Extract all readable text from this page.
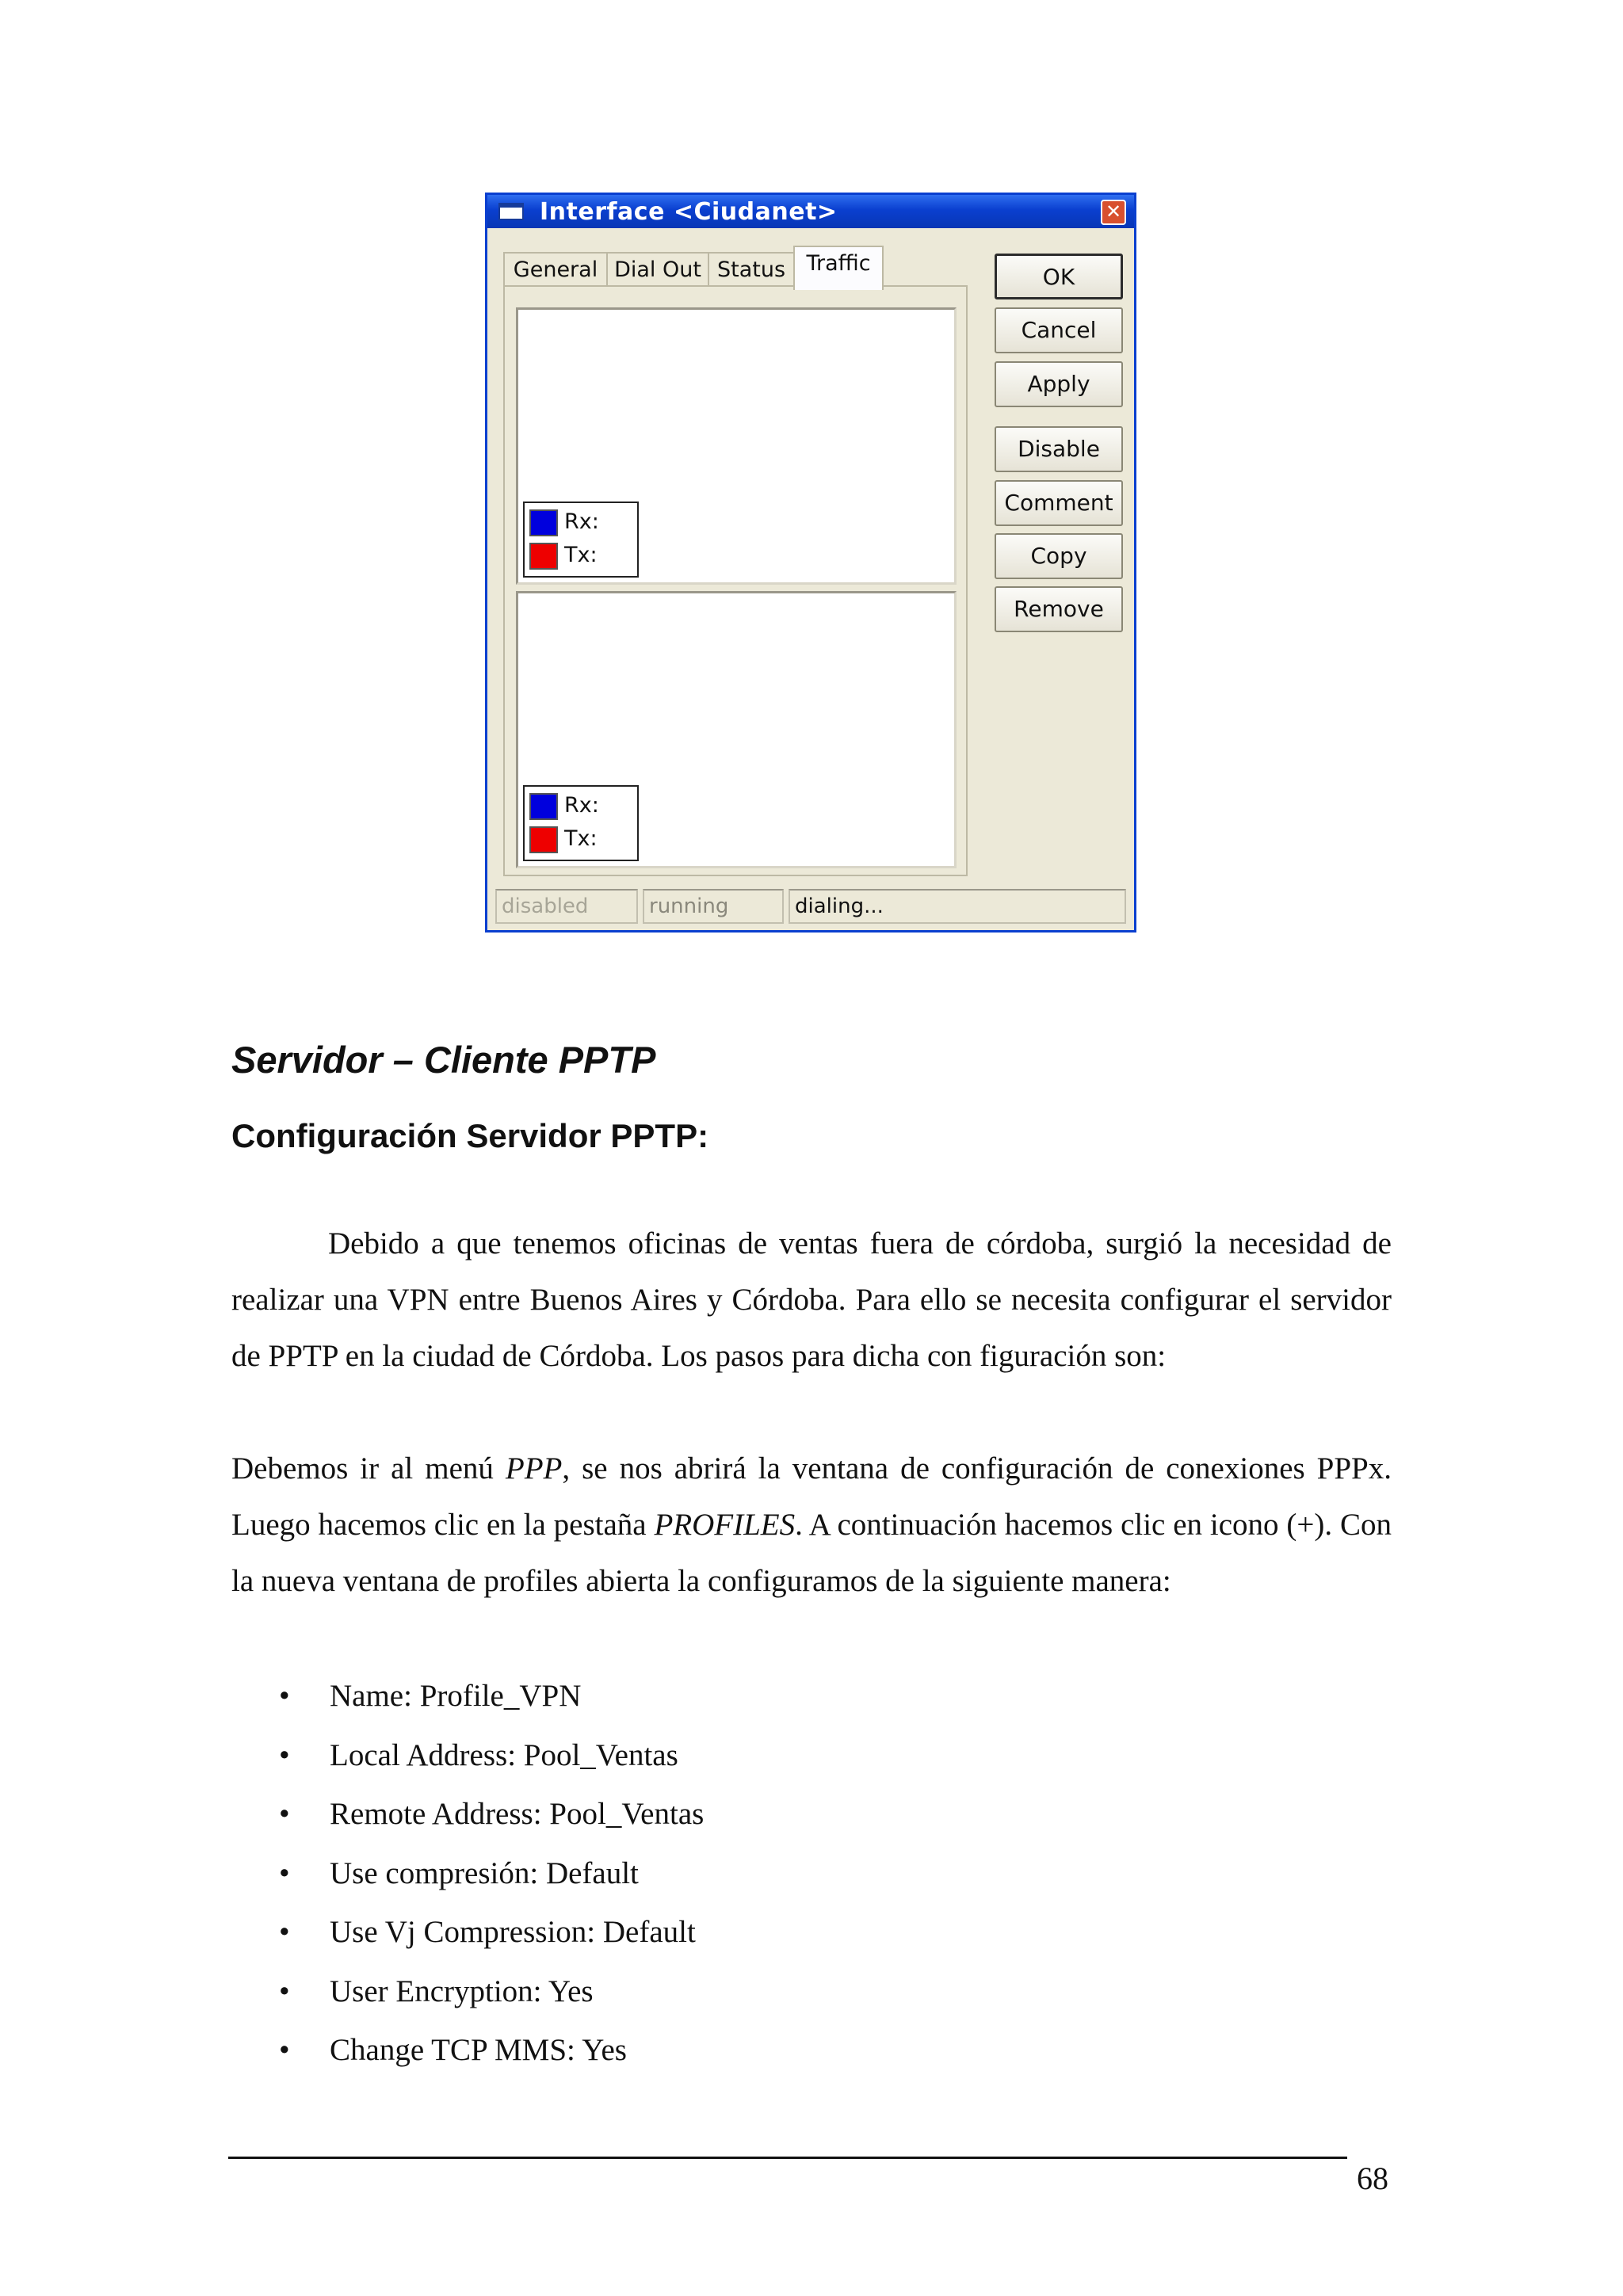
Interface <Ciudanet>	✕
General Dial Out Status Traffic
Rx:
Tx:
Rx:
Tx:
OK
Cancel
Apply
Disable
Comment
Copy
Remove
disabled	running	dialing...
Servidor – Cliente PPTP
Configuración Servidor PPTP:

Debido a que tenemos oficinas de ventas fuera de córdoba, surgió la necesidad de realizar una VPN entre Buenos Aires y Córdoba. Para ello se necesita configurar el servidor de PPTP en la ciudad de Córdoba. Los pasos para dicha con figuración son:

Debemos ir al menú PPP, se nos abrirá la ventana de configuración de conexiones PPPx. Luego hacemos clic en la pestaña PROFILES. A continuación hacemos clic en icono (+). Con la nueva ventana de profiles abierta la configuramos de la siguiente manera:

• Name: Profile_VPN
• Local Address: Pool_Ventas
• Remote Address: Pool_Ventas
• Use compresión: Default
• Use Vj Compression: Default
• User Encryption: Yes
• Change TCP MMS: Yes
68
